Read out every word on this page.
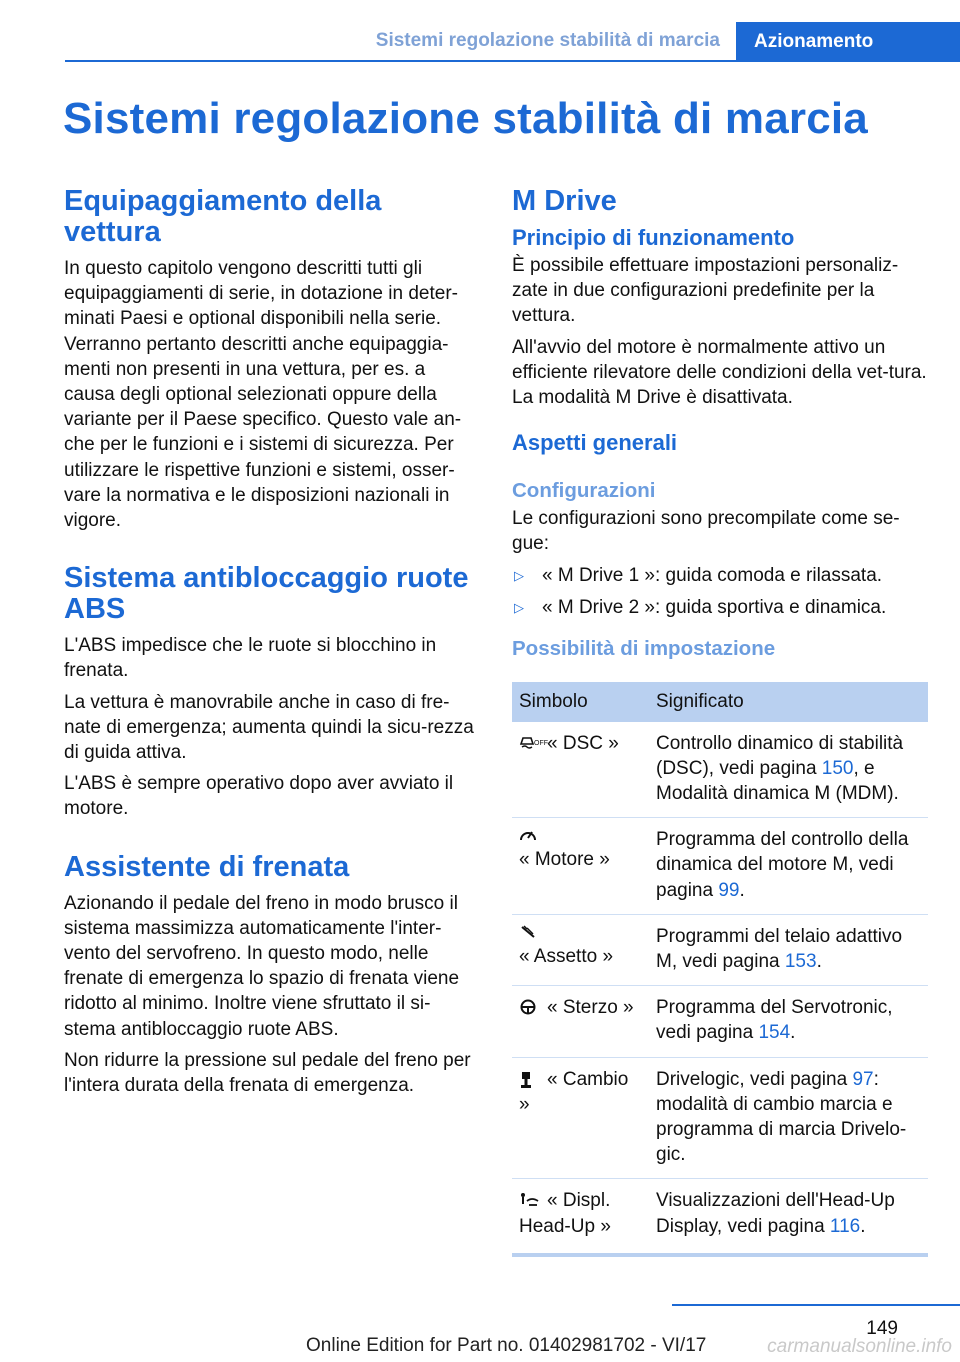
Sistemi regolazione stabilità di marcia	Azionamento
Sistemi regolazione stabilità di marcia
Equipaggiamento della vettura

In questo capitolo vengono descritti tutti gli equipaggiamenti di serie, in dotazione in deter-minati Paesi e optional disponibili nella serie. Verranno pertanto descritti anche equipaggia-menti non presenti in una vettura, per es. a causa degli optional selezionati oppure della variante per il Paese specifico. Questo vale an-che per le funzioni e i sistemi di sicurezza. Per utilizzare le rispettive funzioni e sistemi, osser-vare la normativa e le disposizioni nazionali in vigore.

Sistema antibloccaggio ruote ABS

L'ABS impedisce che le ruote si blocchino in frenata.

La vettura è manovrabile anche in caso di fre-nate di emergenza; aumenta quindi la sicu-rezza di guida attiva.

L'ABS è sempre operativo dopo aver avviato il motore.

Assistente di frenata

Azionando il pedale del freno in modo brusco il sistema massimizza automaticamente l'inter-vento del servofreno. In questo modo, nelle frenate di emergenza lo spazio di frenata viene ridotto al minimo. Inoltre viene sfruttato il si-stema antibloccaggio ruote ABS.

Non ridurre la pressione sul pedale del freno per l'intera durata della frenata di emergenza.

M Drive
Principio di funzionamento

È possibile effettuare impostazioni personaliz-zate in due configurazioni predefinite per la vettura.

All'avvio del motore è normalmente attivo un efficiente rilevatore delle condizioni della vet-tura. La modalità M Drive è disattivata.

Aspetti generali
Configurazioni

Le configurazioni sono precompilate come se-gue:

▷ « M Drive 1 »: guida comoda e rilassata.
▷ « M Drive 2 »: guida sportiva e dinamica.
Possibilità di impostazione
Simbolo	Significato

OFF « DSC »	Controllo dinamico di stabilità (DSC), vedi pagina 150, e Modalità dinamica M (MDM).

« Motore »	Programma del controllo della dinamica del motore M, vedi pagina 99.

« Assetto »	Programmi del telaio adattivo M, vedi pagina 153.

« Sterzo »	Programma del Servotronic, vedi pagina 154.

« Cambio »	Drivelogic, vedi pagina 97: modalità di cambio marcia e programma di marcia Drivelo-gic.

« Displ. Head-Up »	Visualizzazioni dell'Head-Up Display, vedi pagina 116.
149
Online Edition for Part no. 01402981702 - VI/17	carmanualsonline.info
